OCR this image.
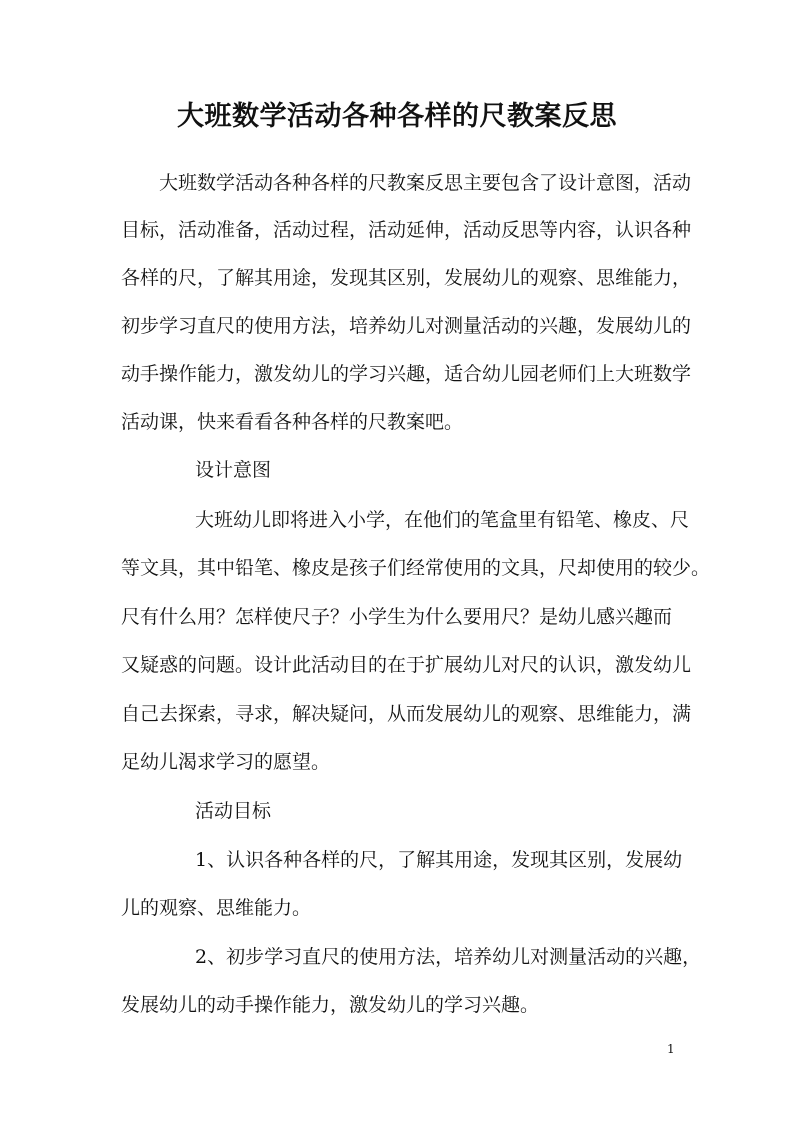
大班数学活动各种各样的尺教案反思
大班数学活动各种各样的尺教案反思主要包含了设计意图，活动
目标，活动准备，活动过程，活动延伸，活动反思等内容，认识各种
各样的尺，了解其用途，发现其区别，发展幼儿的观察、思维能力，
初步学习直尺的使用方法，培养幼儿对测量活动的兴趣，发展幼儿的
动手操作能力，激发幼儿的学习兴趣，适合幼儿园老师们上大班数学
活动课，快来看看各种各样的尺教案吧。
设计意图
大班幼儿即将进入小学，在他们的笔盒里有铅笔、橡皮、尺
等文具，其中铅笔、橡皮是孩子们经常使用的文具，尺却使用的较少。
尺有什么用？怎样使尺子？小学生为什么要用尺？是幼儿感兴趣而
又疑惑的问题。设计此活动目的在于扩展幼儿对尺的认识，激发幼儿
自己去探索，寻求，解决疑问，从而发展幼儿的观察、思维能力，满
足幼儿渴求学习的愿望。
活动目标
1、认识各种各样的尺，了解其用途，发现其区别，发展幼
儿的观察、思维能力。
2、初步学习直尺的使用方法，培养幼儿对测量活动的兴趣，
发展幼儿的动手操作能力，激发幼儿的学习兴趣。
1
